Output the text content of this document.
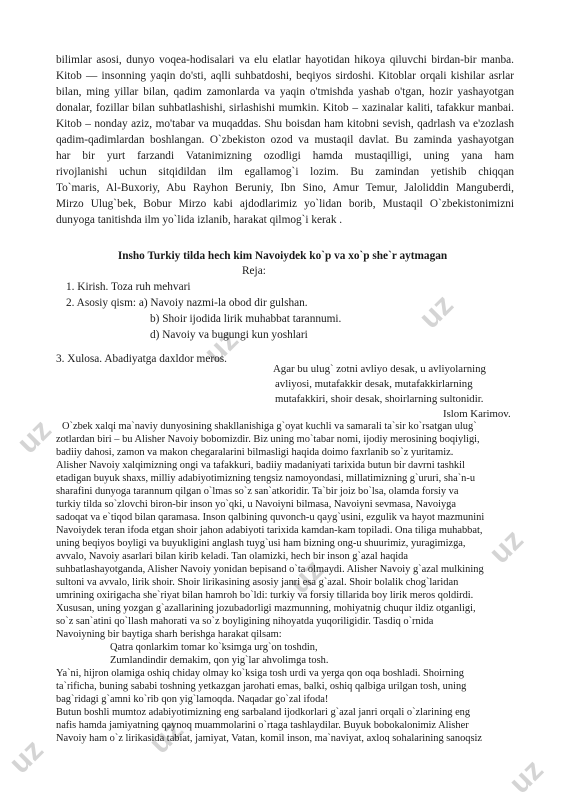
uz
uz
uz
uz
uz
uz
uz
uz
bilimlar asosi, dunyo voqea-hodisalari va elu elatlar hayotidan hikoya qiluvchi birdan-bir manba.
Kitob — insonning yaqin do'sti, aqlli suhbatdoshi, beqiyos sirdoshi. Kitoblar orqali kishilar asrlar
bilan, ming yillar bilan, qadim zamonlarda va yaqin o'tmishda yashab o'tgan, hozir yashayotgan
donalar, fozillar bilan suhbatlashishi, sirlashishi mumkin. Kitob – xazinalar kaliti, tafakkur manbai.
Kitob – nonday aziz, mo'tabar va muqaddas. Shu boisdan ham kitobni sevish, qadrlash va e'zozlash
qadim-qadimlardan boshlangan. O`zbekiston ozod va mustaqil davlat. Bu zaminda yashayotgan
har bir yurt farzandi Vatanimizning ozodligi hamda mustaqilligi, uning yana ham
rivojlanishi uchun sitqidildan ilm egallamog`i lozim. Bu zamindan yetishib chiqqan
To`maris, Al-Buxoriy, Abu Rayhon Beruniy, Ibn Sino, Amur Temur, Jaloliddin Manguberdi,
Mirzo Ulug`bek, Bobur Mirzo kabi ajdodlarimiz yo`lidan borib, Mustaqil O`zbekistonimizni
dunyoga tanitishda ilm yo`lida izlanib, harakat qilmog`i kerak .
Insho Turkiy tilda hech kim Navoiydek ko`p va xo`p she`r aytmagan
Reja:
1. Kirish. Toza ruh mehvari
2. Asosiy qism: a) Navoiy nazmi-la obod dir gulshan.
b) Shoir ijodida lirik muhabbat tarannumi.
d) Navoiy va bugungi kun yoshlari
3. Xulosa. Abadiyatga daxldor meros.
Agar bu ulug` zotni avliyo desak, u avliyolarning
avliyosi, mutafakkir desak, mutafakkirlarning
mutafakkiri, shoir desak, shoirlarning sultonidir.
Islom Karimov.
O`zbek xalqi ma`naviy dunyosining shakllanishiga g`oyat kuchli va samarali ta`sir ko`rsatgan ulug`
zotlardan biri – bu Alisher Navoiy bobomizdir. Biz uning mo`tabar nomi, ijodiy merosining boqiyligi,
badiiy dahosi, zamon va makon chegaralarini bilmasligi haqida doimo faxrlanib so`z yuritamiz.
Alisher Navoiy xalqimizning ongi va tafakkuri, badiiy madaniyati tarixida butun bir davrni tashkil
etadigan buyuk shaxs, milliy adabiyotimizning tengsiz namoyondasi, millatimizning g`ururi, sha`n-u
sharafini dunyoga tarannum qilgan o`lmas so`z san`atkoridir. Ta`bir joiz bo`lsa, olamda forsiy va
turkiy tilda so`zlovchi biron-bir inson yo`qki, u Navoiyni bilmasa, Navoiyni sevmasa, Navoiyga
sadoqat va e`tiqod bilan qaramasa. Inson qalbining quvonch-u qayg`usini, ezgulik va hayot mazmunini
Navoiydek teran ifoda etgan shoir jahon adabiyoti tarixida kamdan-kam topiladi. Ona tiliga muhabbat,
uning beqiyos boyligi va buyukligini anglash tuyg`usi ham bizning ong-u shuurimiz, yuragimizga,
avvalo, Navoiy asarlari bilan kirib keladi. Tan olamizki, hech bir inson g`azal haqida
suhbatlashayotganda, Alisher Navoiy yonidan bepisand o`ta olmaydi. Alisher Navoiy g`azal mulkining
sultoni va avvalo, lirik shoir. Shoir lirikasining asosiy janri esa g`azal. Shoir bolalik chog`laridan
umrining oxirigacha she`riyat bilan hamroh bo`ldi: turkiy va forsiy tillarida boy lirik meros qoldirdi.
Xususan, uning yozgan g`azallarining jozubadorligi mazmunning, mohiyatnig chuqur ildiz otganligi,
so`z san`atini qo`llash mahorati va so`z boyligining nihoyatda yuqoriligidir. Tasdiq o`rnida
Navoiyning bir baytiga sharh berishga harakat qilsam:
Qatra qonlarkim tomar ko`ksimga urg`on toshdin,
Zumlandindir demakim, qon yig`lar ahvolimga tosh.
Ya`ni, hijron olamiga oshiq chiday olmay ko`ksiga tosh urdi va yerga qon oqa boshladi. Shoirning
ta`rificha, buning sababi toshning yetkazgan jarohati emas, balki, oshiq qalbiga urilgan tosh, uning
bag`ridagi g`amni ko`rib qon yig`lamoqda. Naqadar go`zal ifoda!
Butun boshli mumtoz adabiyotimizning eng sarbaland ijodkorlari g`azal janri orqali o`zlarining eng
nafis hamda jamiyatning qaynoq muammolarini o`rtaga tashlaydilar. Buyuk bobokalonimiz Alisher
Navoiy ham o`z lirikasida tabiat, jamiyat, Vatan, komil inson, ma`naviyat, axloq sohalarining sanoqsiz
